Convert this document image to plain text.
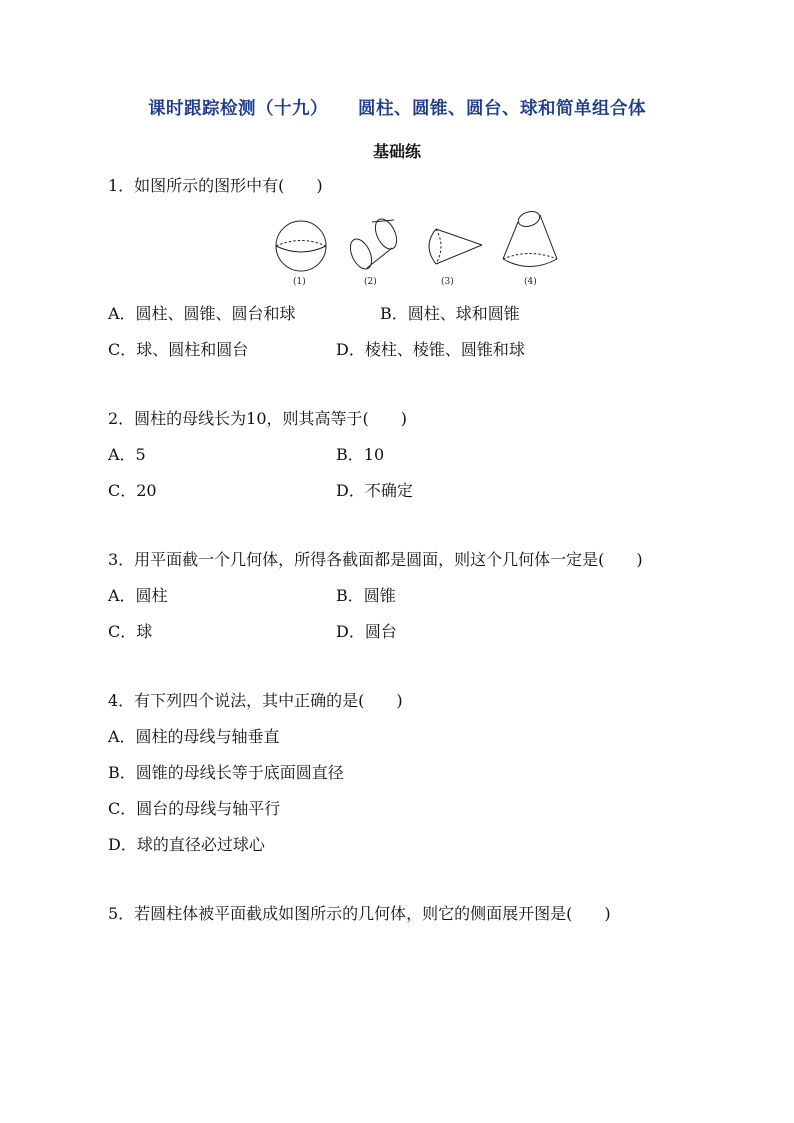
课时跟踪检测（十九） 圆柱、圆锥、圆台、球和简单组合体
基础练
1．如图所示的图形中有(　　)
(1)	(2)	(3)	(4)
A．圆柱、圆锥、圆台和球	B．圆柱、球和圆锥
C．球、圆柱和圆台	D．棱柱、棱锥、圆锥和球
2．圆柱的母线长为10，则其高等于(　　)
A．5	B．10
C．20	D．不确定
3．用平面截一个几何体，所得各截面都是圆面，则这个几何体一定是(　　)
A．圆柱	B．圆锥
C．球	D．圆台
4．有下列四个说法，其中正确的是(　　)
A．圆柱的母线与轴垂直
B．圆锥的母线长等于底面圆直径
C．圆台的母线与轴平行
D．球的直径必过球心
5．若圆柱体被平面截成如图所示的几何体，则它的侧面展开图是(　　)
